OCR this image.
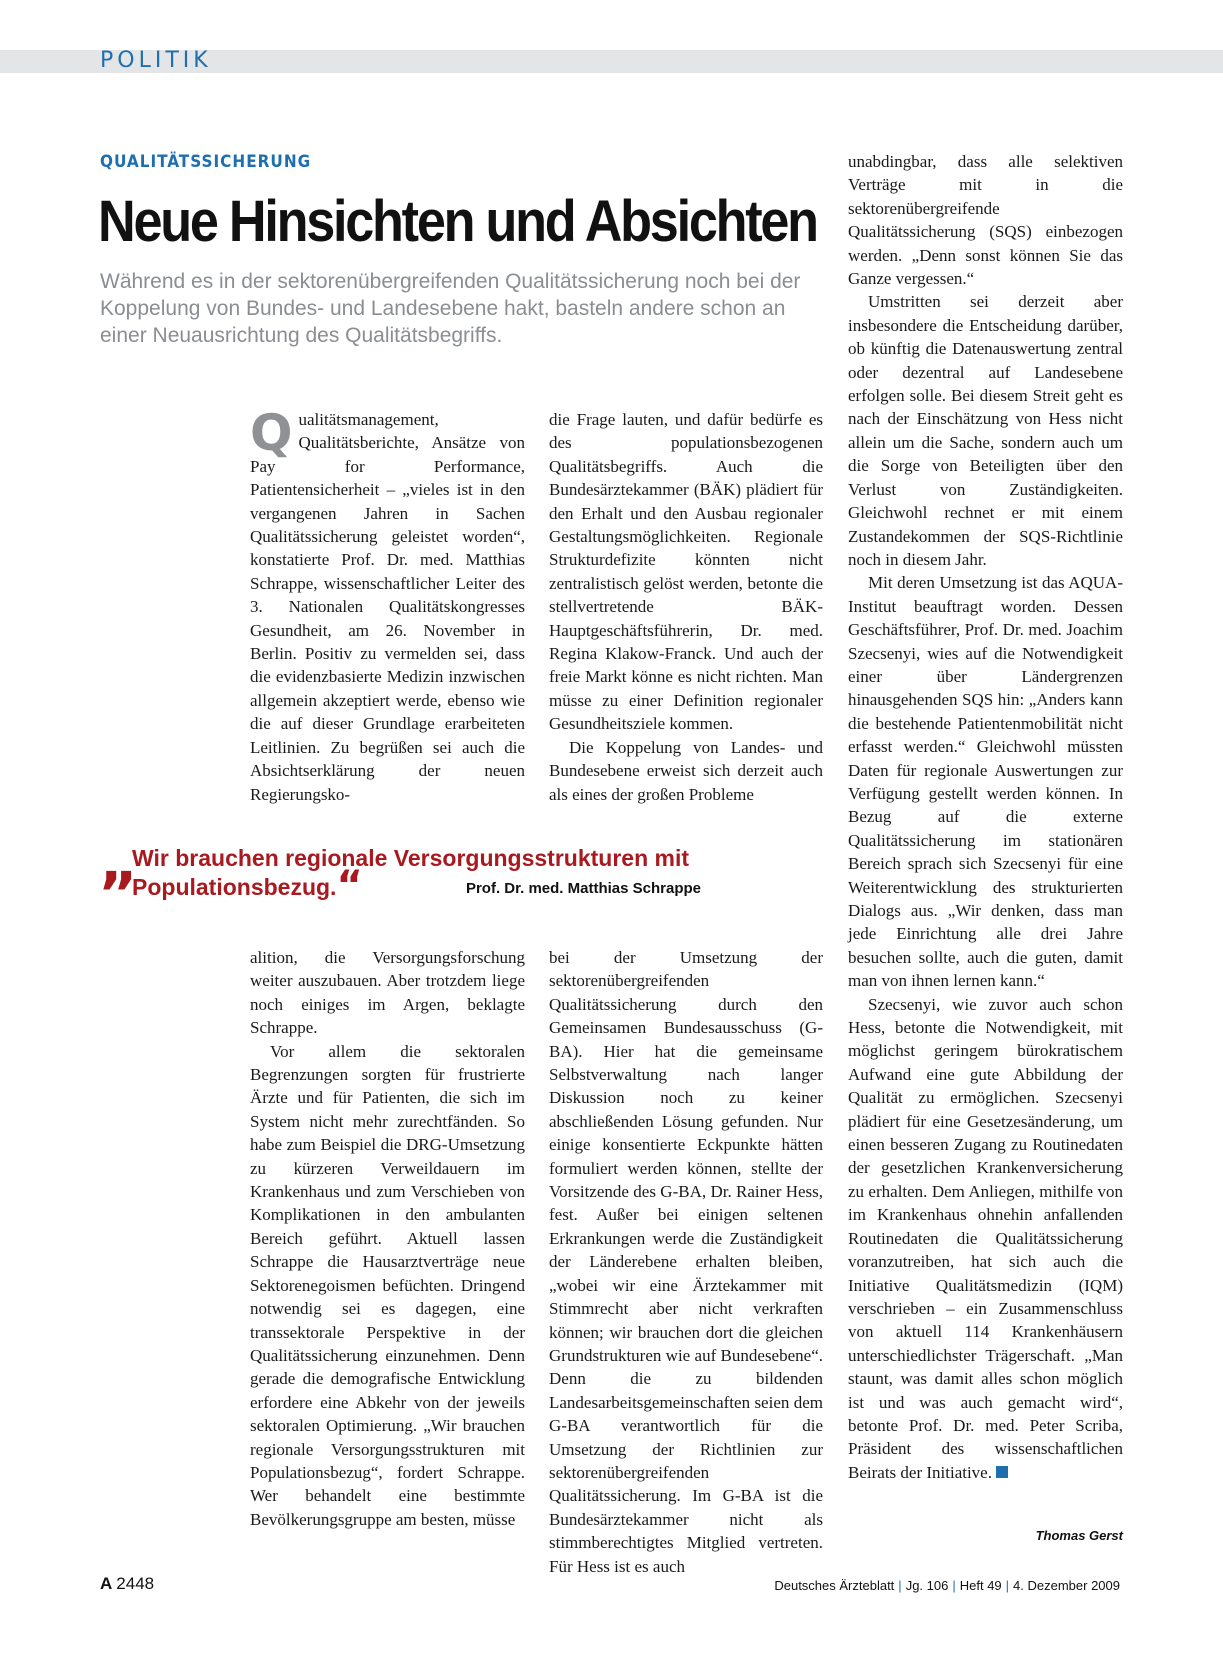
POLITIK
QUALITÄTSSICHERUNG
Neue Hinsichten und Absichten
Während es in der sektorenübergreifenden Qualitätssicherung noch bei der Koppelung von Bundes- und Landesebene hakt, basteln andere schon an einer Neuausrichtung des Qualitätsbegriffs.

Qualitätsmanagement, Qualitätsberichte, Ansätze von Pay for Performance, Patientensicherheit – „vieles ist in den vergangenen Jahren in Sachen Qualitätssicherung geleistet worden“, konstatierte Prof. Dr. med. Matthias Schrappe, wissenschaftlicher Leiter des 3. Nationalen Qualitätskongresses Gesundheit, am 26. November in Berlin. Positiv zu vermelden sei, dass die evidenzbasierte Medizin inzwischen allgemein akzeptiert werde, ebenso wie die auf dieser Grundlage erarbeiteten Leitlinien. Zu begrüßen sei auch die Absichtserklärung der neuen Regierungsko-

die Frage lauten, und dafür bedürfe es des populationsbezogenen Qualitätsbegriffs. Auch die Bundesärztekammer (BÄK) plädiert für den Erhalt und den Ausbau regionaler Gestaltungsmöglichkeiten. Regionale Strukturdefizite könnten nicht zentralistisch gelöst werden, betonte die stellvertretende BÄK-Hauptgeschäftsführerin, Dr. med. Regina Klakow-Franck. Und auch der freie Markt könne es nicht richten. Man müsse zu einer Definition regionaler Gesundheitsziele kommen.

Die Koppelung von Landes- und Bundesebene erweist sich derzeit auch als eines der großen Probleme

„
Wir brauchen regionale Versorgungsstrukturen mit Populationsbezug.“	Prof. Dr. med. Matthias Schrappe

alition, die Versorgungsforschung weiter auszubauen. Aber trotzdem liege noch einiges im Argen, beklagte Schrappe.

Vor allem die sektoralen Begrenzungen sorgten für frustrierte Ärzte und für Patienten, die sich im System nicht mehr zurechtfänden. So habe zum Beispiel die DRG-Umsetzung zu kürzeren Verweildauern im Krankenhaus und zum Verschieben von Komplikationen in den ambulanten Bereich geführt. Aktuell lassen Schrappe die Hausarztverträge neue Sektorenegoismen befüchten. Dringend notwendig sei es dagegen, eine transsektorale Perspektive in der Qualitätssicherung einzunehmen. Denn gerade die demografische Entwicklung erfordere eine Abkehr von der jeweils sektoralen Optimierung. „Wir brauchen regionale Versorgungsstrukturen mit Populationsbezug“, fordert Schrappe. Wer behandelt eine bestimmte Bevölkerungsgruppe am besten, müsse

bei der Umsetzung der sektorenübergreifenden Qualitätssicherung durch den Gemeinsamen Bundesausschuss (G-BA). Hier hat die gemeinsame Selbstverwaltung nach langer Diskussion noch zu keiner abschließenden Lösung gefunden. Nur einige konsentierte Eckpunkte hätten formuliert werden können, stellte der Vorsitzende des G-BA, Dr. Rainer Hess, fest. Außer bei einigen seltenen Erkrankungen werde die Zuständigkeit der Länderebene erhalten bleiben, „wobei wir eine Ärztekammer mit Stimmrecht aber nicht verkraften können; wir brauchen dort die gleichen Grundstrukturen wie auf Bundesebene“. Denn die zu bildenden Landesarbeitsgemeinschaften seien dem G-BA verantwortlich für die Umsetzung der Richtlinien zur sektorenübergreifenden Qualitätssicherung. Im G-BA ist die Bundesärztekammer nicht als stimmberechtigtes Mitglied vertreten. Für Hess ist es auch

unabdingbar, dass alle selektiven Verträge mit in die sektorenübergreifende Qualitätssicherung (SQS) einbezogen werden. „Denn sonst können Sie das Ganze vergessen.“

Umstritten sei derzeit aber insbesondere die Entscheidung darüber, ob künftig die Datenauswertung zentral oder dezentral auf Landesebene erfolgen solle. Bei diesem Streit geht es nach der Einschätzung von Hess nicht allein um die Sache, sondern auch um die Sorge von Beteiligten über den Verlust von Zuständigkeiten. Gleichwohl rechnet er mit einem Zustandekommen der SQS-Richtlinie noch in diesem Jahr.

Mit deren Umsetzung ist das AQUA-Institut beauftragt worden. Dessen Geschäftsführer, Prof. Dr. med. Joachim Szecsenyi, wies auf die Notwendigkeit einer über Ländergrenzen hinausgehenden SQS hin: „Anders kann die bestehende Patientenmobilität nicht erfasst werden.“ Gleichwohl müssten Daten für regionale Auswertungen zur Verfügung gestellt werden können. In Bezug auf die externe Qualitätssicherung im stationären Bereich sprach sich Szecsenyi für eine Weiterentwicklung des strukturierten Dialogs aus. „Wir denken, dass man jede Einrichtung alle drei Jahre besuchen sollte, auch die guten, damit man von ihnen lernen kann.“

Szecsenyi, wie zuvor auch schon Hess, betonte die Notwendigkeit, mit möglichst geringem bürokratischem Aufwand eine gute Abbildung der Qualität zu ermöglichen. Szecsenyi plädiert für eine Gesetzesänderung, um einen besseren Zugang zu Routinedaten der gesetzlichen Krankenversicherung zu erhalten. Dem Anliegen, mithilfe von im Krankenhaus ohnehin anfallenden Routinedaten die Qualitätssicherung voranzutreiben, hat sich auch die Initiative Qualitätsmedizin (IQM) verschrieben – ein Zusammenschluss von aktuell 114 Krankenhäusern unterschiedlichster Trägerschaft. „Man staunt, was damit alles schon möglich ist und was auch gemacht wird“, betonte Prof. Dr. med. Peter Scriba, Präsident des wissenschaftlichen Beirats der Initiative.

Thomas Gerst
A 2448	Deutsches Ärzteblatt | Jg. 106 | Heft 49 | 4. Dezember 2009
